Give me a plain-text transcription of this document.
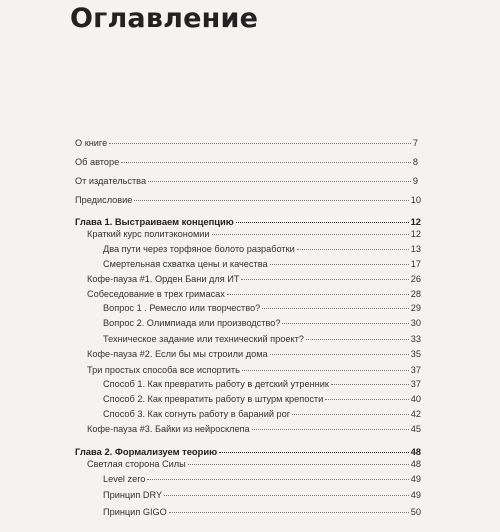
Оглавление
О книге	7
Об авторе	8
От издательства	9
Предисловие	10
Глава 1. Выстраиваем концепцию	12
Краткий курс политэкономии	12
Два пути через торфяное болото разработки	13
Смертельная схватка цены и качества	17
Кофе-пауза #1. Орден Бани для ИТ	26
Собеседование в трех гримасах	28
Вопрос 1 . Ремесло или творчество?	29
Вопрос 2. Олимпиада или производство?	30
Техническое задание или технический проект?	33
Кофе-пауза #2. Если бы мы строили дома	35
Три простых способа все испортить	37
Способ 1. Как превратить работу в детский утренник	37
Способ 2. Как превратить работу в штурм крепости	40
Способ 3. Как согнуть работу в бараний рог	42
Кофе-пауза #3. Байки из нейросклепа	45
Глава 2. Формализуем теорию	48
Светлая сторона Силы	48
Level zero	49
Принцип DRY	49
Принцип GIGO	50
